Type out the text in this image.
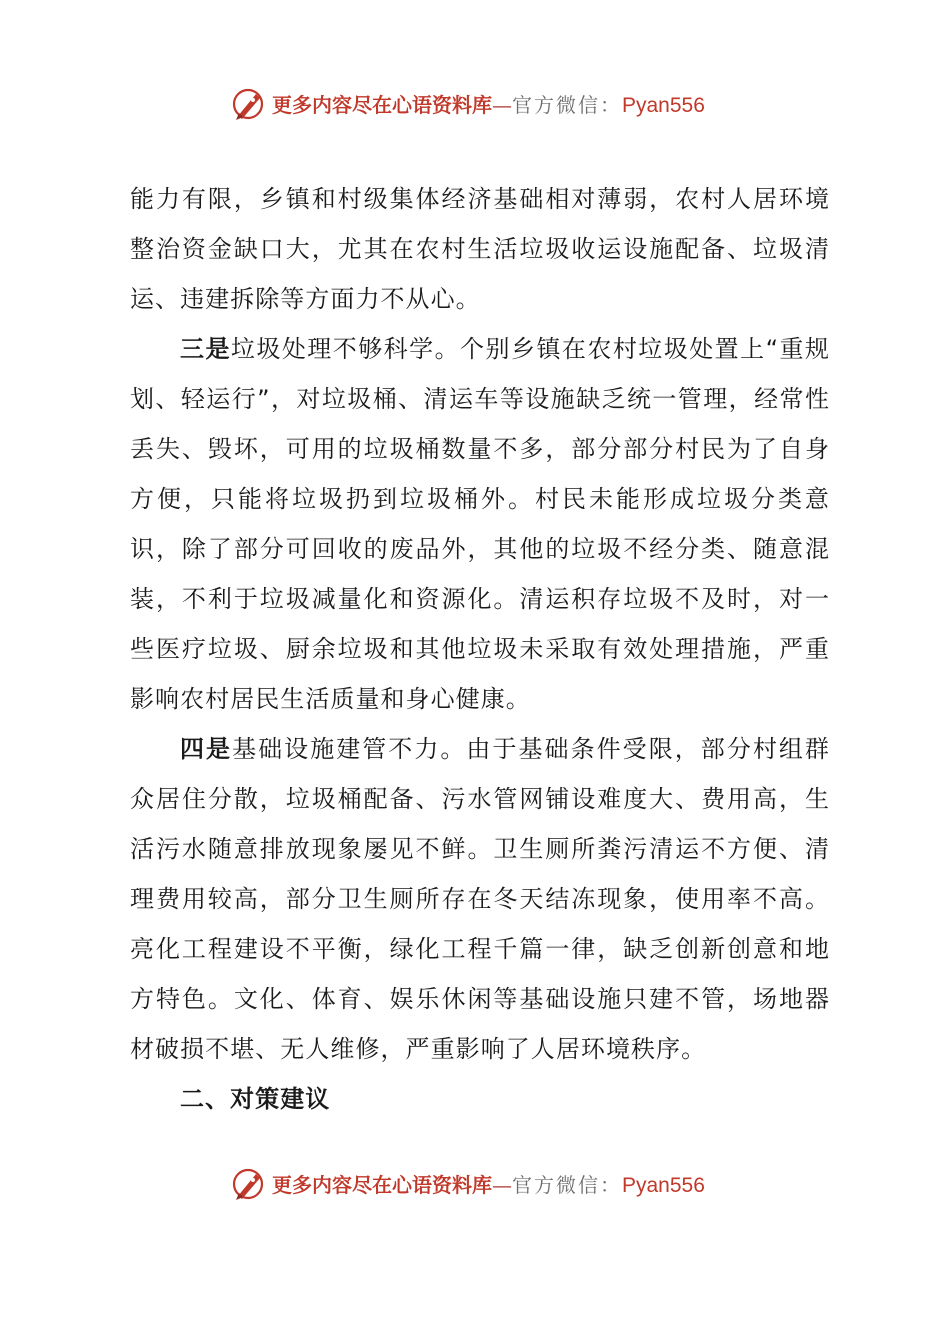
更多内容尽在心语资料库—官方微信：Pyan556

能力有限，乡镇和村级集体经济基础相对薄弱，农村人居环境整治资金缺口大，尤其在农村生活垃圾收运设施配备、垃圾清运、违建拆除等方面力不从心。

三是垃圾处理不够科学。个别乡镇在农村垃圾处置上“重规划、轻运行”，对垃圾桶、清运车等设施缺乏统一管理，经常性丢失、毁坏，可用的垃圾桶数量不多，部分部分村民为了自身方便，只能将垃圾扔到垃圾桶外。村民未能形成垃圾分类意识，除了部分可回收的废品外，其他的垃圾不经分类、随意混装，不利于垃圾减量化和资源化。清运积存垃圾不及时，对一些医疗垃圾、厨余垃圾和其他垃圾未采取有效处理措施，严重影响农村居民生活质量和身心健康。

四是基础设施建管不力。由于基础条件受限，部分村组群众居住分散，垃圾桶配备、污水管网铺设难度大、费用高，生活污水随意排放现象屡见不鲜。卫生厕所粪污清运不方便、清理费用较高，部分卫生厕所存在冬天结冻现象，使用率不高。亮化工程建设不平衡，绿化工程千篇一律，缺乏创新创意和地方特色。文化、体育、娱乐休闲等基础设施只建不管，场地器材破损不堪、无人维修，严重影响了人居环境秩序。

二、对策建议

更多内容尽在心语资料库—官方微信：Pyan556
